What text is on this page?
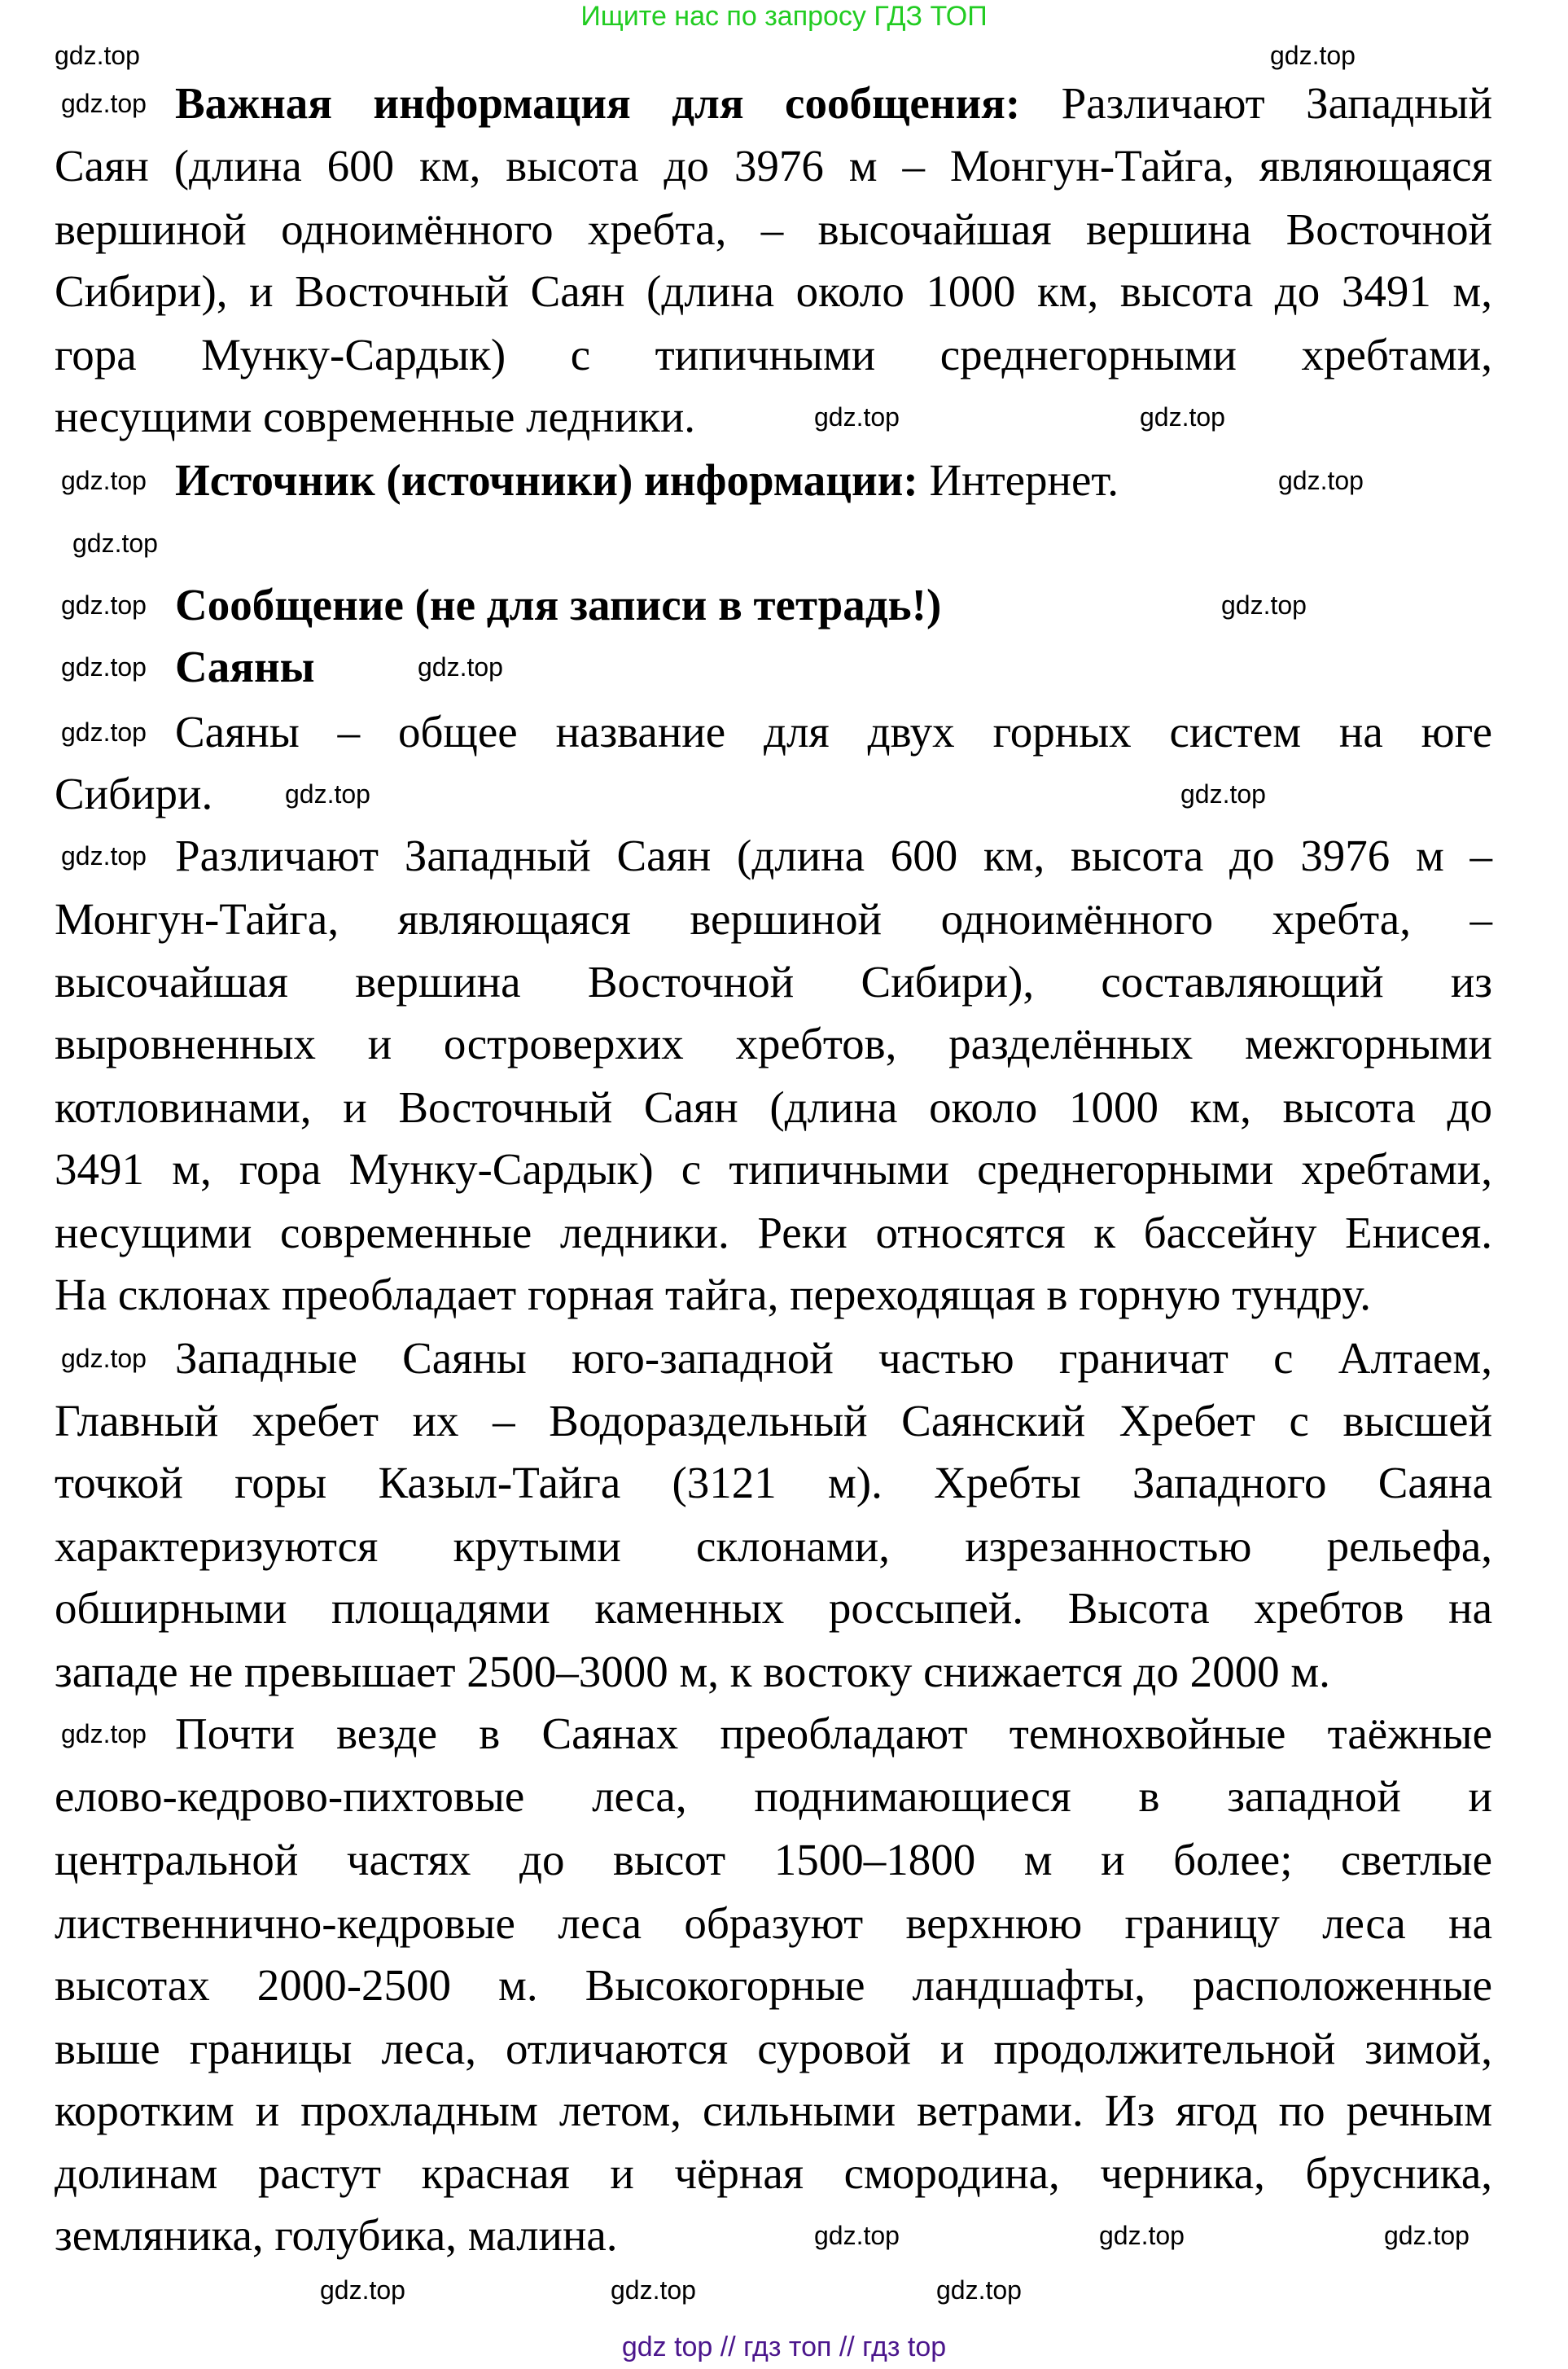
Ищите нас по запросу ГДЗ ТОП
Важная информация для сообщения: Различают Западный
Саян (длина 600 км, высота до 3976 м – Монгун-Тайга, являющаяся
вершиной одноимённого хребта, – высочайшая вершина Восточной
Сибири), и Восточный Саян (длина около 1000 км, высота до 3491 м,
гора Мунку-Сардык) с типичными среднегорными хребтами,
несущими современные ледники.
Источник (источники) информации: Интернет.
Сообщение (не для записи в тетрадь!)
Саяны
Саяны – общее название для двух горных систем на юге
Сибири.
Различают Западный Саян (длина 600 км, высота до 3976 м –
Монгун-Тайга, являющаяся вершиной одноимённого хребта, –
высочайшая вершина Восточной Сибири), составляющий из
выровненных и островерхих хребтов, разделённых межгорными
котловинами, и Восточный Саян (длина около 1000 км, высота до
3491 м, гора Мунку-Сардык) с типичными среднегорными хребтами,
несущими современные ледники. Реки относятся к бассейну Енисея.
На склонах преобладает горная тайга, переходящая в горную тундру.
Западные Саяны юго-западной частью граничат с Алтаем,
Главный хребет их – Водораздельный Саянский Хребет с высшей
точкой горы Казыл-Тайга (3121 м). Хребты Западного Саяна
характеризуются крутыми склонами, изрезанностью рельефа,
обширными площадями каменных россыпей. Высота хребтов на
западе не превышает 2500–3000 м, к востоку снижается до 2000 м.
Почти везде в Саянах преобладают темнохвойные таёжные
елово-кедрово-пихтовые леса, поднимающиеся в западной и
центральной частях до высот 1500–1800 м и более; светлые
лиственнично-кедровые леса образуют верхнюю границу леса на
высотах 2000-2500 м. Высокогорные ландшафты, расположенные
выше границы леса, отличаются суровой и продолжительной зимой,
коротким и прохладным летом, сильными ветрами. Из ягод по речным
долинам растут красная и чёрная смородина, черника, брусника,
земляника, голубика, малина.
gdz.top	gdz.top
gdz.top
gdz.top
gdz.top
gdz.top
gdz.top
gdz.top
gdz.top
gdz.top
gdz.top
gdz.top
gdz.top
gdz.top
gdz.top
gdz.top
gdz.top
gdz.top
gdz.top
gdz.top
gdz.top	gdz.top
gdz.top
gdz.top
gdz top // гдз топ // гдз top
